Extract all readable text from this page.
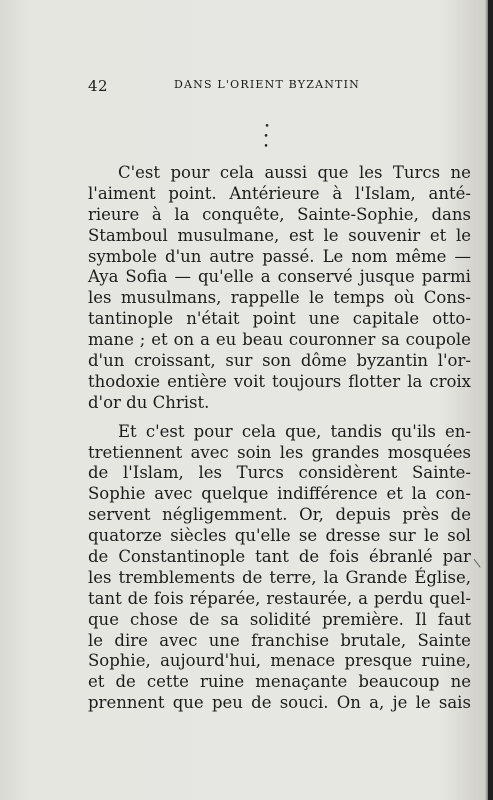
42	DANS L'ORIENT BYZANTIN
•
• •
C'est pour cela aussi que les Turcs ne
l'aiment point. Antérieure à l'Islam, anté-
rieure à la conquête, Sainte-Sophie, dans
Stamboul musulmane, est le souvenir et le
symbole d'un autre passé. Le nom même —
Aya Sofia — qu'elle a conservé jusque parmi
les musulmans, rappelle le temps où Cons-
tantinople n'était point une capitale otto-
mane ; et on a eu beau couronner sa coupole
d'un croissant, sur son dôme byzantin l'or-
thodoxie entière voit toujours flotter la croix
d'or du Christ.
Et c'est pour cela que, tandis qu'ils en-
tretiennent avec soin les grandes mosquées
de l'Islam, les Turcs considèrent Sainte-
Sophie avec quelque indifférence et la con-
servent négligemment. Or, depuis près de
quatorze siècles qu'elle se dresse sur le sol
de Constantinople tant de fois ébranlé par
les tremblements de terre, la Grande Église,
tant de fois réparée, restaurée, a perdu quel-
que chose de sa solidité première. Il faut
le dire avec une franchise brutale, Sainte
Sophie, aujourd'hui, menace presque ruine,
et de cette ruine menaçante beaucoup ne
prennent que peu de souci. On a, je le sais
\
